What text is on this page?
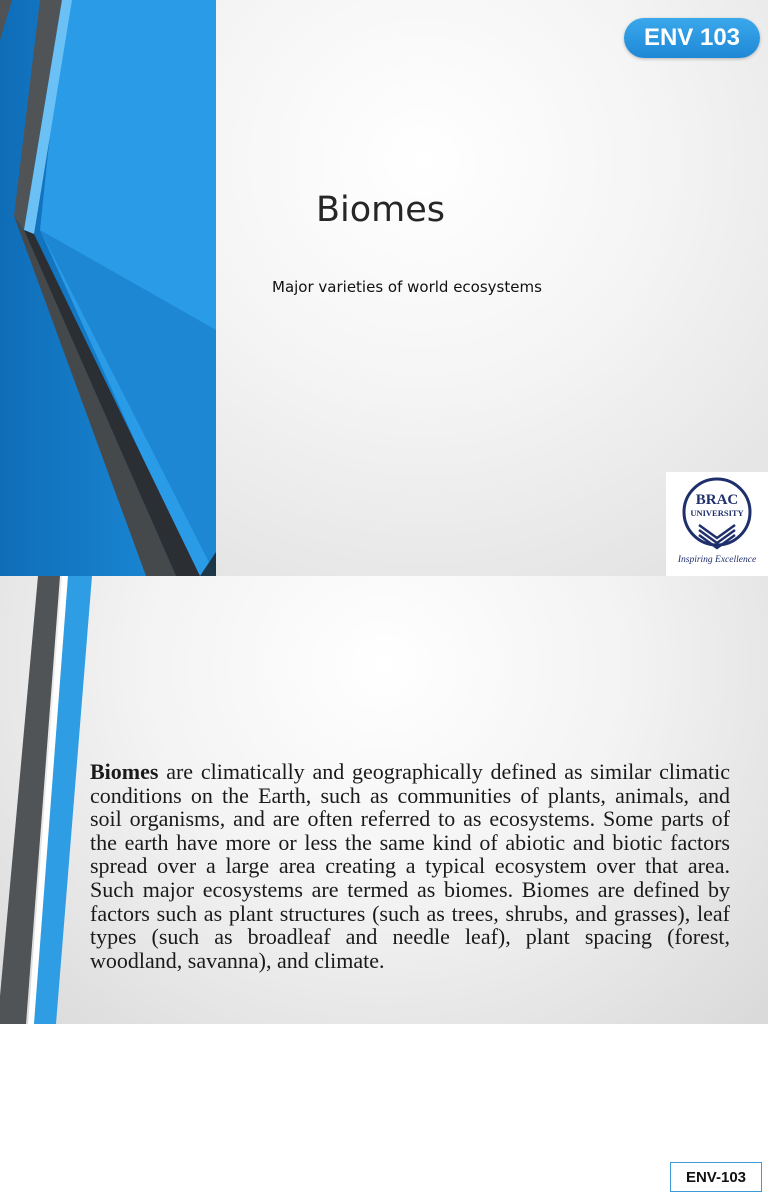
ENV 103
Biomes
Major varieties of world ecosystems
BRAC
UNIVERSITY
Inspiring Excellence
ENV-103

Biomes are climatically and geographically defined as similar climatic conditions on the Earth, such as communities of plants, animals, and soil organisms, and are often referred to as ecosystems. Some parts of the earth have more or less the same kind of abiotic and biotic factors spread over a large area creating a typical ecosystem over that area. Such major ecosystems are termed as biomes. Biomes are defined by factors such as plant structures (such as trees, shrubs, and grasses), leaf types (such as broadleaf and needle leaf), plant spacing (forest, woodland, savanna), and climate.
